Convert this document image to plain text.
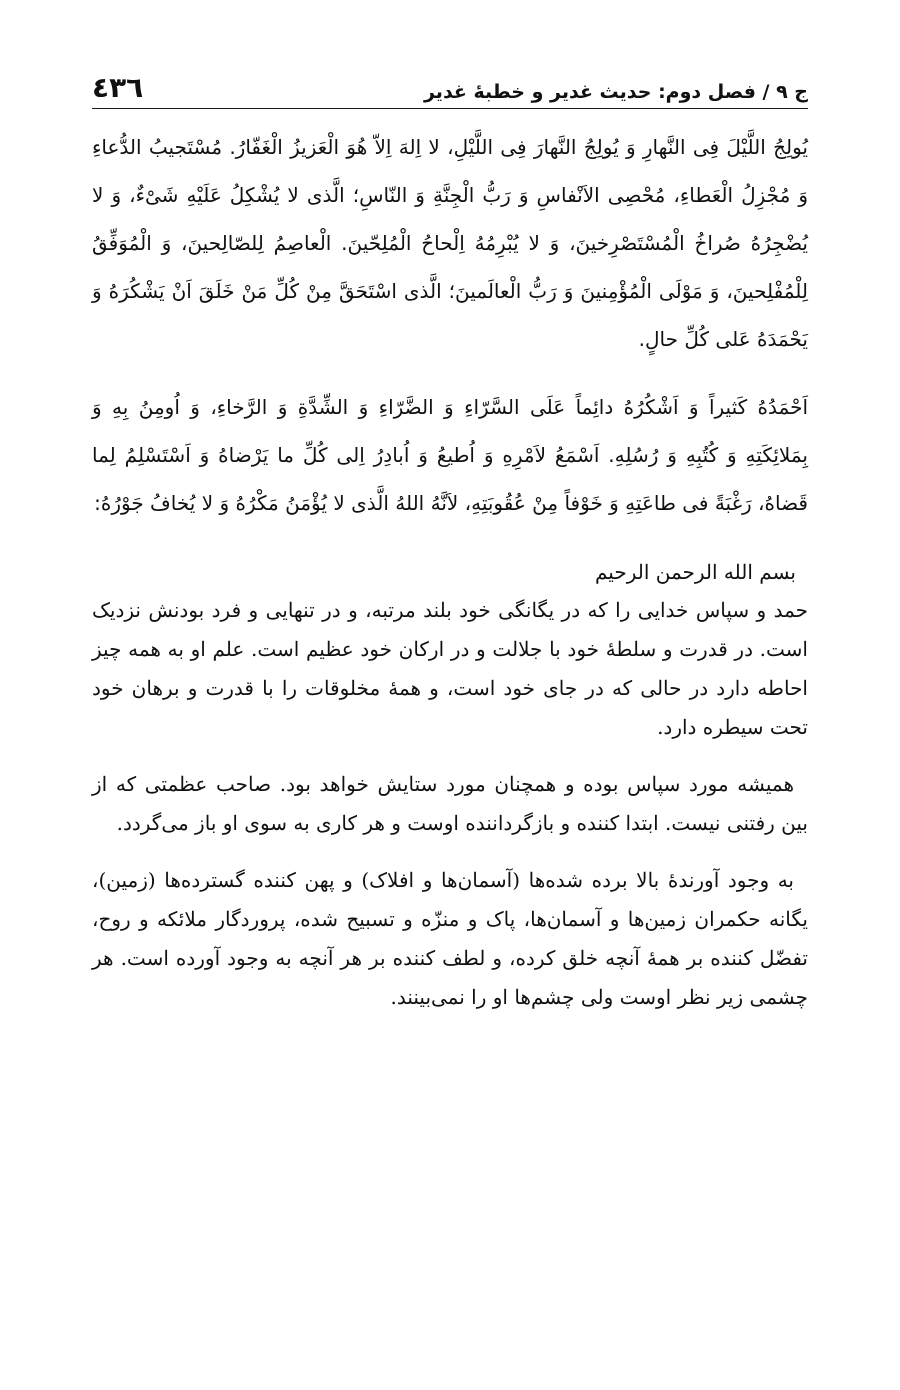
ج ۹ / فصل دوم: حدیث غدیر و خطبهٔ غدیر
٤٣٦

يُولِجُ اللَّيْلَ فِى النَّهارِ وَ يُولِجُ النَّهارَ فِى اللَّيْلِ، لا اِلهَ اِلاّ هُوَ الْعَزيزُ الْغَفّارُ. مُسْتَجيبُ الدُّعاءِ وَ مُجْزِلُ الْعَطاءِ، مُحْصِى الاَنْفاسِ وَ رَبُّ الْجِنَّةِ وَ النّاسِ؛ الَّذى لا يُشْكِلُ عَلَيْهِ شَىْءٌ، وَ لا يُضْجِرُهُ صُراخُ الْمُسْتَصْرِخينَ، وَ لا يُبْرِمُهُ اِلْحاحُ الْمُلِحّينَ. الْعاصِمُ لِلصّالِحينَ، وَ الْمُوَفِّقُ لِلْمُفْلِحينَ، وَ مَوْلَى الْمُؤْمِنينَ وَ رَبُّ الْعالَمينَ؛ الَّذى اسْتَحَقَّ مِنْ كُلِّ مَنْ خَلَقَ اَنْ يَشْكُرَهُ وَ يَحْمَدَهُ عَلى كُلِّ حالٍ.

اَحْمَدُهُ كَثيراً وَ اَشْكُرُهُ دائِماً عَلَى السَّرّاءِ وَ الضَّرّاءِ وَ الشِّدَّةِ وَ الرَّخاءِ، وَ اُومِنُ بِهِ وَ بِمَلائِكَتِهِ وَ كُتُبِهِ وَ رُسُلِهِ. اَسْمَعُ لاَمْرِهِ وَ اُطيعُ وَ اُبادِرُ اِلى كُلِّ ما يَرْضاهُ وَ اَسْتَسْلِمُ لِما قَضاهُ، رَغْبَةً فى طاعَتِهِ وَ خَوْفاً مِنْ عُقُوبَتِهِ، لاَنَّهُ اللهُ الَّذى لا يُؤْمَنُ مَكْرُهُ وَ لا يُخافُ جَوْرُهُ:

بسم الله الرحمن الرحيم

حمد و سپاس خدایی را که در یگانگی خود بلند مرتبه، و در تنهایی و فرد بودنش نزدیک است. در قدرت و سلطهٔ خود با جلالت و در ارکان خود عظیم است. علم او به همه چیز احاطه دارد در حالی که در جای خود است، و همهٔ مخلوقات را با قدرت و برهان خود تحت سیطره دارد.

همیشه مورد سپاس بوده و همچنان مورد ستایش خواهد بود. صاحب عظمتی که از بین رفتنی نیست. ابتدا کننده و بازگرداننده اوست و هر کاری به سوی او باز می‌گردد.

به وجود آورندهٔ بالا برده شده‌ها (آسمان‌ها و افلاک) و پهن کننده گسترده‌ها (زمین)، یگانه حکمران زمین‌ها و آسمان‌ها، پاک و منزّه و تسبیح شده، پروردگار ملائکه و روح، تفضّل کننده بر همهٔ آنچه خلق کرده، و لطف کننده بر هر آنچه به وجود آورده است. هر چشمی زیر نظر اوست ولی چشم‌ها او را نمی‌بینند.
